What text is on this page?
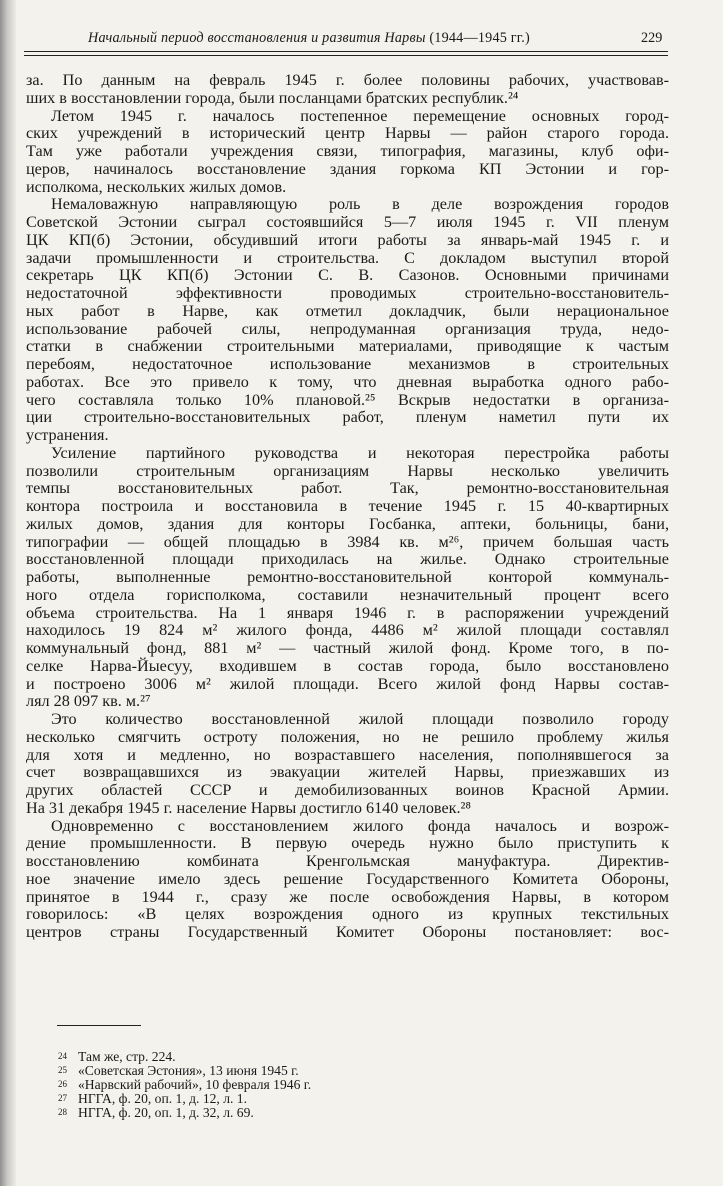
Начальный период восстановления и развития Нарвы (1944—1945 гг.)	229
за. По данным на февраль 1945 г. более половины рабочих, участвовав-
ших в восстановлении города, были посланцами братских республик.²⁴
Летом 1945 г. началось постепенное перемещение основных город-
ских учреждений в исторический центр Нарвы — район старого города.
Там уже работали учреждения связи, типография, магазины, клуб офи-
церов, начиналось восстановление здания горкома КП Эстонии и гор-
исполкома, нескольких жилых домов.
Немаловажную направляющую роль в деле возрождения городов
Советской Эстонии сыграл состоявшийся 5—7 июля 1945 г. VII пленум
ЦК КП(б) Эстонии, обсудивший итоги работы за январь-май 1945 г. и
задачи промышленности и строительства. С докладом выступил второй
секретарь ЦК КП(б) Эстонии С. В. Сазонов. Основными причинами
недостаточной эффективности проводимых строительно-восстановитель-
ных работ в Нарве, как отметил докладчик, были нерациональное
использование рабочей силы, непродуманная организация труда, недо-
статки в снабжении строительными материалами, приводящие к частым
перебоям, недостаточное использование механизмов в строительных
работах. Все это привело к тому, что дневная выработка одного рабо-
чего составляла только 10% плановой.²⁵ Вскрыв недостатки в организа-
ции строительно-восстановительных работ, пленум наметил пути их
устранения.
Усиление партийного руководства и некоторая перестройка работы
позволили строительным организациям Нарвы несколько увеличить
темпы восстановительных работ. Так, ремонтно-восстановительная
контора построила и восстановила в течение 1945 г. 15 40-квартирных
жилых домов, здания для конторы Госбанка, аптеки, больницы, бани,
типографии — общей площадью в 3984 кв. м²⁶, причем большая часть
восстановленной площади приходилась на жилье. Однако строительные
работы, выполненные ремонтно-восстановительной конторой коммуналь-
ного отдела горисполкома, составили незначительный процент всего
объема строительства. На 1 января 1946 г. в распоряжении учреждений
находилось 19 824 м² жилого фонда, 4486 м² жилой площади составлял
коммунальный фонд, 881 м² — частный жилой фонд. Кроме того, в по-
селке Нарва-Йыесуу, входившем в состав города, было восстановлено
и построено 3006 м² жилой площади. Всего жилой фонд Нарвы состав-
лял 28 097 кв. м.²⁷
Это количество восстановленной жилой площади позволило городу
несколько смягчить остроту положения, но не решило проблему жилья
для хотя и медленно, но возраставшего населения, пополнявшегося за
счет возвращавшихся из эвакуации жителей Нарвы, приезжавших из
других областей СССР и демобилизованных воинов Красной Армии.
На 31 декабря 1945 г. население Нарвы достигло 6140 человек.²⁸
Одновременно с восстановлением жилого фонда началось и возрож-
дение промышленности. В первую очередь нужно было приступить к
восстановлению комбината Кренгольмская мануфактура. Директив-
ное значение имело здесь решение Государственного Комитета Обороны,
принятое в 1944 г., сразу же после освобождения Нарвы, в котором
говорилось: «В целях возрождения одного из крупных текстильных
центров страны Государственный Комитет Обороны постановляет: вос-
24 Там же, стр. 224.
25 «Советская Эстония», 13 июня 1945 г.
26 «Нарвский рабочий», 10 февраля 1946 г.
27 НГГА, ф. 20, оп. 1, д. 12, л. 1.
28 НГГА, ф. 20, оп. 1, д. 32, л. 69.
